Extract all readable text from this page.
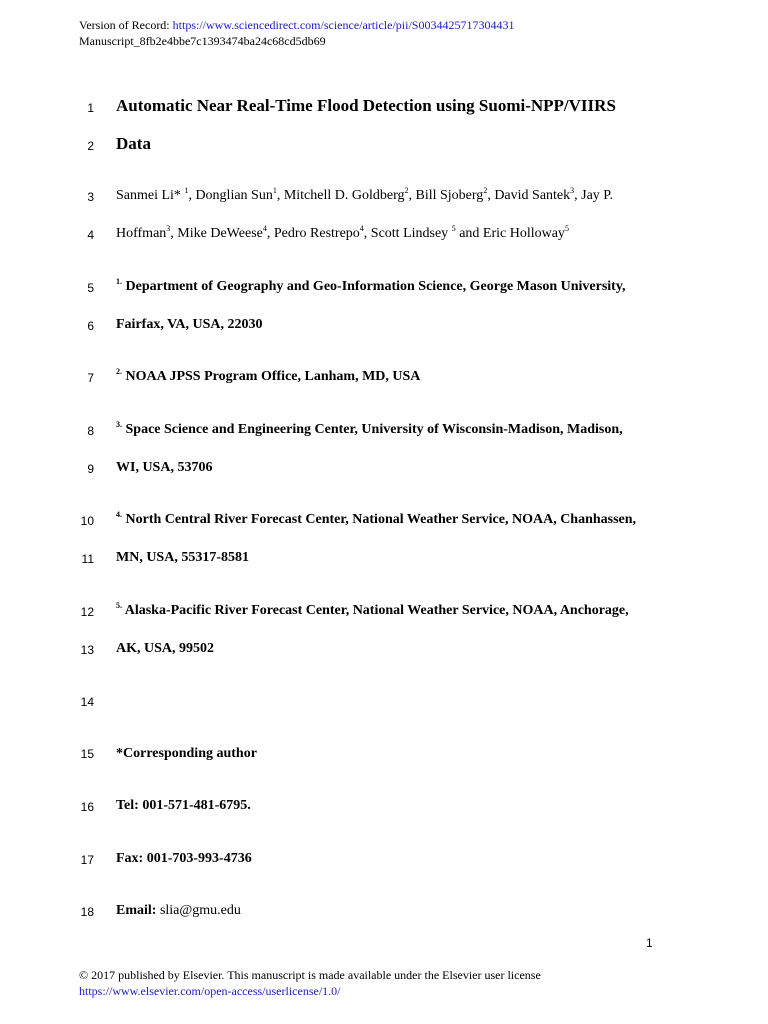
Version of Record: https://www.sciencedirect.com/science/article/pii/S0034425717304431
Manuscript_8fb2e4bbe7c1393474ba24c68cd5db69
1
2
3
4
5
6
7
8
9
10
11
12
13
14
15
16
17
18
Automatic Near Real-Time Flood Detection using Suomi-NPP/VIIRS
Data
Sanmei Li* $^1$, Donglian Sun$^1$, Mitchell D. Goldberg$^2$, Bill Sjoberg$^2$, David Santek$^3$, Jay P.
Hoffman$^3$, Mike DeWeese$^4$, Pedro Restrepo$^4$, Scott Lindsey $^5$ and Eric Holloway$^5$
$^{1.}$ Department of Geography and Geo-Information Science, George Mason University,
Fairfax, VA, USA, 22030
$^{2.}$ NOAA JPSS Program Office, Lanham, MD, USA
$^{3.}$ Space Science and Engineering Center, University of Wisconsin-Madison, Madison,
WI, USA, 53706
$^{4.}$ North Central River Forecast Center, National Weather Service, NOAA, Chanhassen,
MN, USA, 55317-8581
$^{5.}$ Alaska-Pacific River Forecast Center, National Weather Service, NOAA, Anchorage,
AK, USA, 99502
*Corresponding author
Tel: 001-571-481-6795.
Fax: 001-703-993-4736
Email: slia@gmu.edu
1
© 2017 published by Elsevier. This manuscript is made available under the Elsevier user license
https://www.elsevier.com/open-access/userlicense/1.0/
